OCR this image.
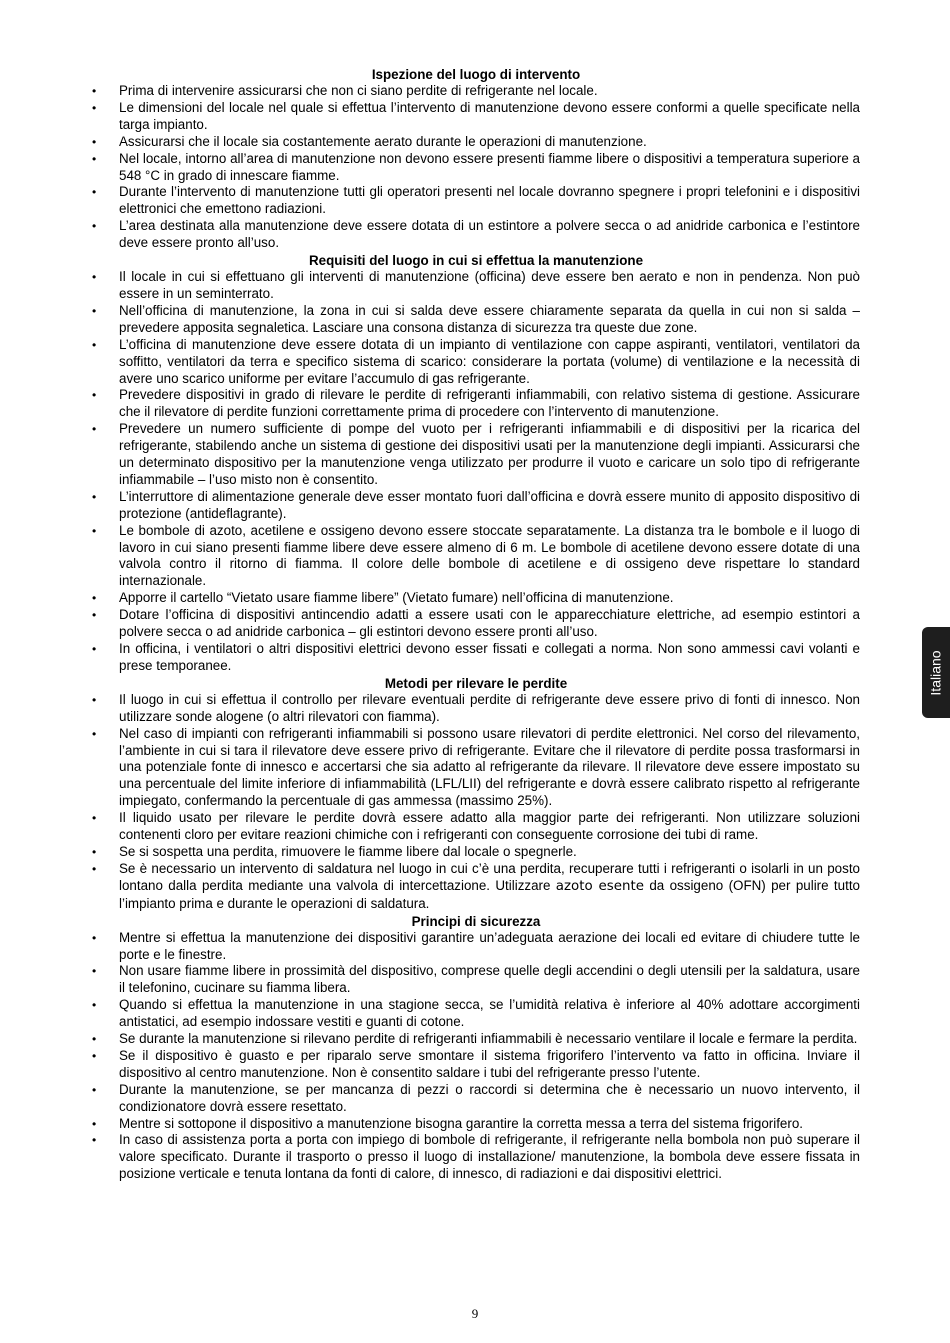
Ispezione del luogo di intervento

• Prima di intervenire assicurarsi che non ci siano perdite di refrigerante nel locale.
• Le dimensioni del locale nel quale si effettua l’intervento di manutenzione devono essere conformi a quelle specificate nella targa impianto.
• Assicurarsi che il locale sia costantemente aerato durante le operazioni di manutenzione.
• Nel locale, intorno all’area di manutenzione non devono essere presenti fiamme libere o dispositivi a temperatura superiore a 548 °C in grado di innescare fiamme.
• Durante l’intervento di manutenzione tutti gli operatori presenti nel locale dovranno spegnere i propri telefonini e i dispositivi elettronici che emettono radiazioni.
• L’area destinata alla manutenzione deve essere dotata di un estintore a polvere secca o ad anidride carbonica e l’estintore deve essere pronto all’uso.

Requisiti del luogo in cui si effettua la manutenzione

• Il locale in cui si effettuano gli interventi di manutenzione (officina) deve essere ben aerato e non in pendenza. Non può essere in un seminterrato.
• Nell’officina di manutenzione, la zona in cui si salda deve essere chiaramente separata da quella in cui non si salda – prevedere apposita segnaletica. Lasciare una consona distanza di sicurezza tra queste due zone.
• L’officina di manutenzione deve essere dotata di un impianto di ventilazione con cappe aspiranti, ventilatori, ventilatori da soffitto, ventilatori da terra e specifico sistema di scarico: considerare la portata (volume) di ventilazione e la necessità di avere uno scarico uniforme per evitare l’accumulo di gas refrigerante.
• Prevedere dispositivi in grado di rilevare le perdite di refrigeranti infiammabili, con relativo sistema di gestione. Assicurare che il rilevatore di perdite funzioni correttamente prima di procedere con l’intervento di manutenzione.
• Prevedere un numero sufficiente di pompe del vuoto per i refrigeranti infiammabili e di dispositivi per la ricarica del refrigerante, stabilendo anche un sistema di gestione dei dispositivi usati per la manutenzione degli impianti. Assicurarsi che un determinato dispositivo per la manutenzione venga utilizzato per produrre il vuoto e caricare un solo tipo di refrigerante infiammabile – l’uso misto non è consentito.
• L’interruttore di alimentazione generale deve esser montato fuori dall’officina e dovrà essere munito di apposito dispositivo di protezione (antideflagrante).
• Le bombole di azoto, acetilene e ossigeno devono essere stoccate separatamente. La distanza tra le bombole e il luogo di lavoro in cui siano presenti fiamme libere deve essere almeno di 6 m. Le bombole di acetilene devono essere dotate di una valvola contro il ritorno di fiamma. Il colore delle bombole di acetilene e di ossigeno deve rispettare lo standard internazionale.
• Apporre il cartello “Vietato usare fiamme libere” (Vietato fumare) nell’officina di manutenzione.
• Dotare l’officina di dispositivi antincendio adatti a essere usati con le apparecchiature elettriche, ad esempio estintori a polvere secca o ad anidride carbonica – gli estintori devono essere pronti all’uso.
• In officina, i ventilatori o altri dispositivi elettrici devono esser fissati e collegati a norma. Non sono ammessi cavi volanti e prese temporanee.

Metodi per rilevare le perdite

• Il luogo in cui si effettua il controllo per rilevare eventuali perdite di refrigerante deve essere privo di fonti di innesco. Non utilizzare sonde alogene (o altri rilevatori con fiamma).
• Nel caso di impianti con refrigeranti infiammabili si possono usare rilevatori di perdite elettronici. Nel corso del rilevamento, l’ambiente in cui si tara il rilevatore deve essere privo di refrigerante. Evitare che il rilevatore di perdite possa trasformarsi in una potenziale fonte di innesco e accertarsi che sia adatto al refrigerante da rilevare. Il rilevatore deve essere impostato su una percentuale del limite inferiore di infiammabilità (LFL/LII) del refrigerante e dovrà essere calibrato rispetto al refrigerante impiegato, confermando la percentuale di gas ammessa (massimo 25%).
• Il liquido usato per rilevare le perdite dovrà essere adatto alla maggior parte dei refrigeranti. Non utilizzare soluzioni contenenti cloro per evitare reazioni chimiche con i refrigeranti con conseguente corrosione dei tubi di rame.
• Se si sospetta una perdita, rimuovere le fiamme libere dal locale o spegnerle.
• Se è necessario un intervento di saldatura nel luogo in cui c’è una perdita, recuperare tutti i refrigeranti o isolarli in un posto lontano dalla perdita mediante una valvola di intercettazione. Utilizzare azoto esente da ossigeno (OFN) per pulire tutto l’impianto prima e durante le operazioni di saldatura.

Principi di sicurezza

• Mentre si effettua la manutenzione dei dispositivi garantire un’adeguata aerazione dei locali ed evitare di chiudere tutte le porte e le finestre.
• Non usare fiamme libere in prossimità del dispositivo, comprese quelle degli accendini o degli utensili per la saldatura, usare il telefonino, cucinare su fiamma libera.
• Quando si effettua la manutenzione in una stagione secca, se l’umidità relativa è inferiore al 40% adottare accorgimenti antistatici, ad esempio indossare vestiti e guanti di cotone.
• Se durante la manutenzione si rilevano perdite di refrigeranti infiammabili è necessario ventilare il locale e fermare la perdita.
• Se il dispositivo è guasto e per riparalo serve smontare il sistema frigorifero l’intervento va fatto in officina. Inviare il dispositivo al centro manutenzione. Non è consentito saldare i tubi del refrigerante presso l’utente.
• Durante la manutenzione, se per mancanza di pezzi o raccordi si determina che è necessario un nuovo intervento, il condizionatore dovrà essere resettato.
• Mentre si sottopone il dispositivo a manutenzione bisogna garantire la corretta messa a terra del sistema frigorifero.
• In caso di assistenza porta a porta con impiego di bombole di refrigerante, il refrigerante nella bombola non può superare il valore specificato. Durante il trasporto o presso il luogo di installazione/ manutenzione, la bombola deve essere fissata in posizione verticale e tenuta lontana da fonti di calore, di innesco, di radiazioni e dai dispositivi elettrici.
Italiano
9
